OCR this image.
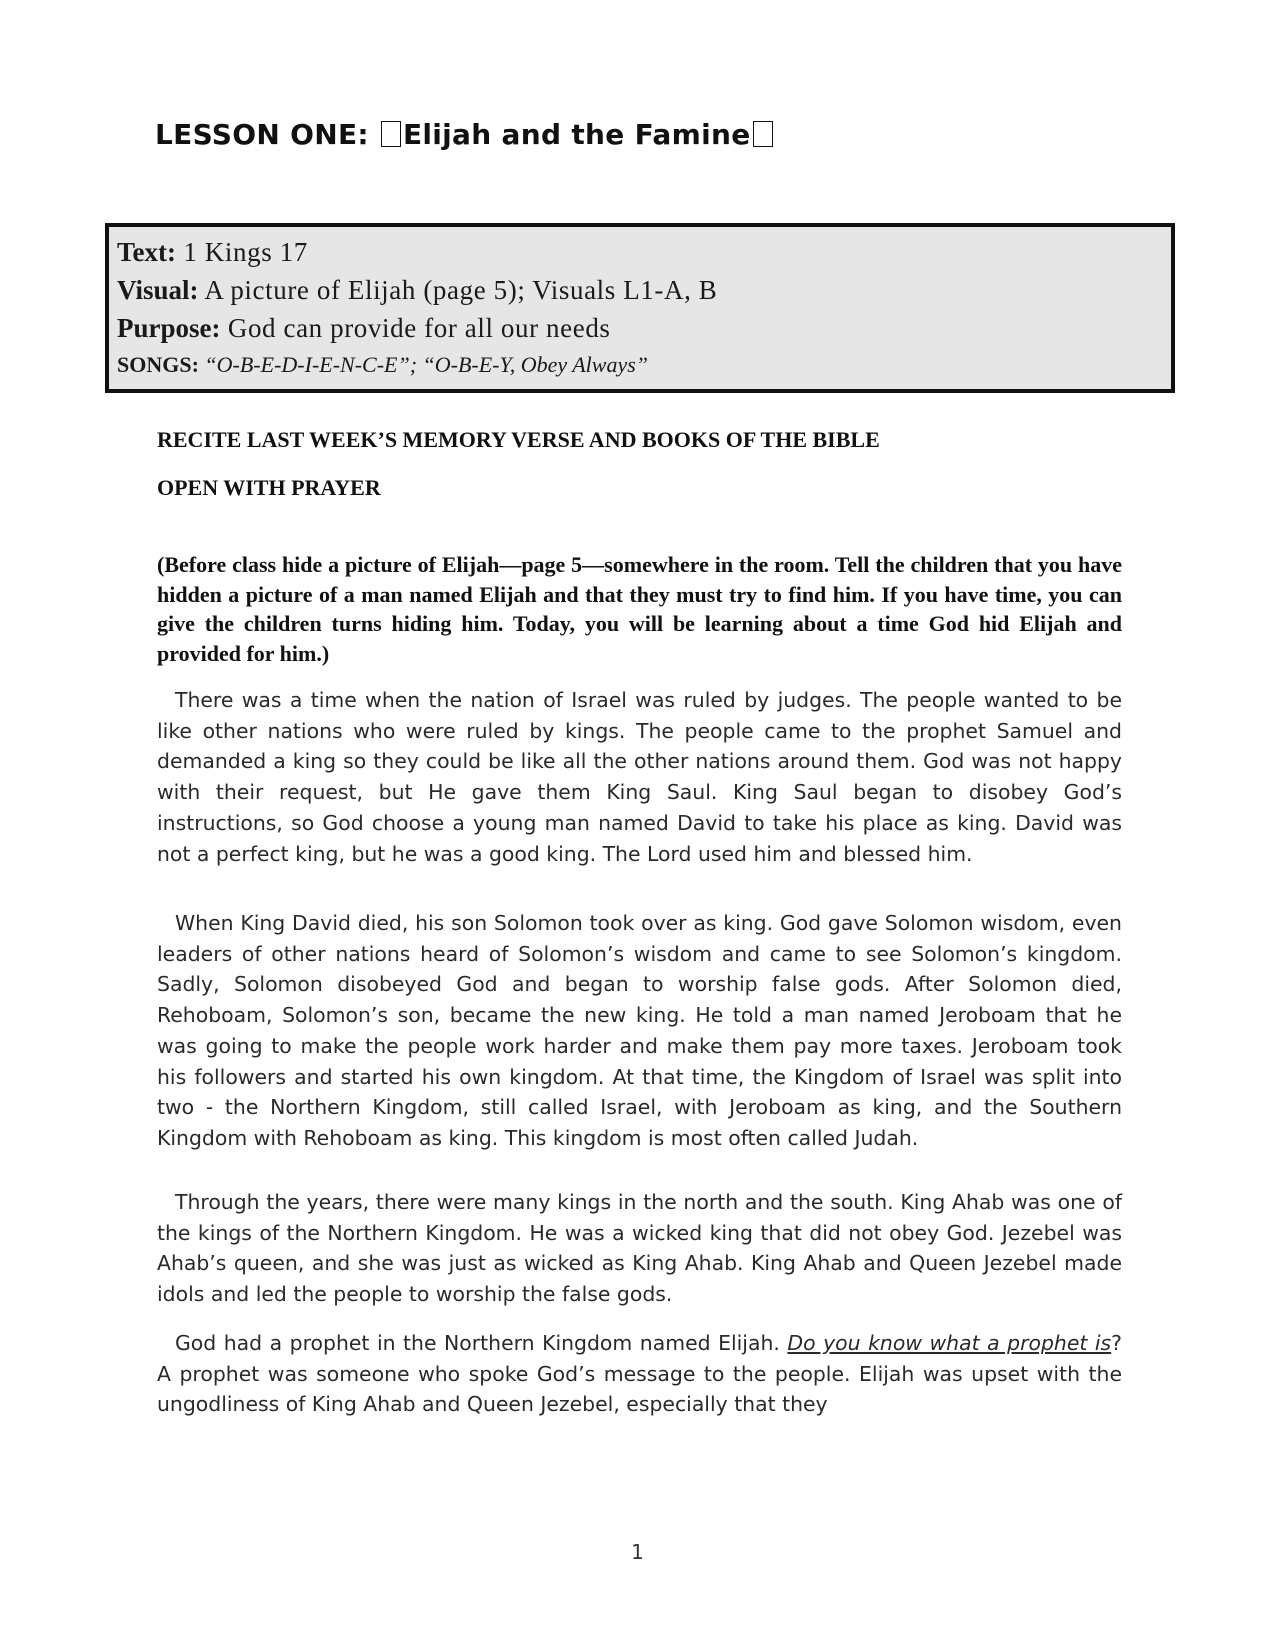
LESSON ONE: Elijah and the Famine
Text: 1 Kings 17
Visual: A picture of Elijah (page 5); Visuals L1-A, B
Purpose: God can provide for all our needs
SONGS: “O-B-E-D-I-E-N-C-E”; “O-B-E-Y, Obey Always”
RECITE LAST WEEK’S MEMORY VERSE AND BOOKS OF THE BIBLE
OPEN WITH PRAYER
(Before class hide a picture of Elijah—page 5—somewhere in the room. Tell the children that you have hidden a picture of a man named Elijah and that they must try to find him. If you have time, you can give the children turns hiding him. Today, you will be learning about a time God hid Elijah and provided for him.)
There was a time when the nation of Israel was ruled by judges. The people wanted to be like other nations who were ruled by kings. The people came to the prophet Samuel and demanded a king so they could be like all the other nations around them. God was not happy with their request, but He gave them King Saul. King Saul began to disobey God’s instructions, so God choose a young man named David to take his place as king. David was not a perfect king, but he was a good king. The Lord used him and blessed him.
When King David died, his son Solomon took over as king. God gave Solomon wisdom, even leaders of other nations heard of Solomon’s wisdom and came to see Solomon’s kingdom. Sadly, Solomon disobeyed God and began to worship false gods. After Solomon died, Rehoboam, Solomon’s son, became the new king. He told a man named Jeroboam that he was going to make the people work harder and make them pay more taxes. Jeroboam took his followers and started his own kingdom. At that time, the Kingdom of Israel was split into two - the Northern Kingdom, still called Israel, with Jeroboam as king, and the Southern Kingdom with Rehoboam as king. This kingdom is most often called Judah.
Through the years, there were many kings in the north and the south. King Ahab was one of the kings of the Northern Kingdom. He was a wicked king that did not obey God. Jezebel was Ahab’s queen, and she was just as wicked as King Ahab. King Ahab and Queen Jezebel made idols and led the people to worship the false gods.
God had a prophet in the Northern Kingdom named Elijah. Do you know what a prophet is? A prophet was someone who spoke God’s message to the people. Elijah was upset with the ungodliness of King Ahab and Queen Jezebel, especially that they
1
